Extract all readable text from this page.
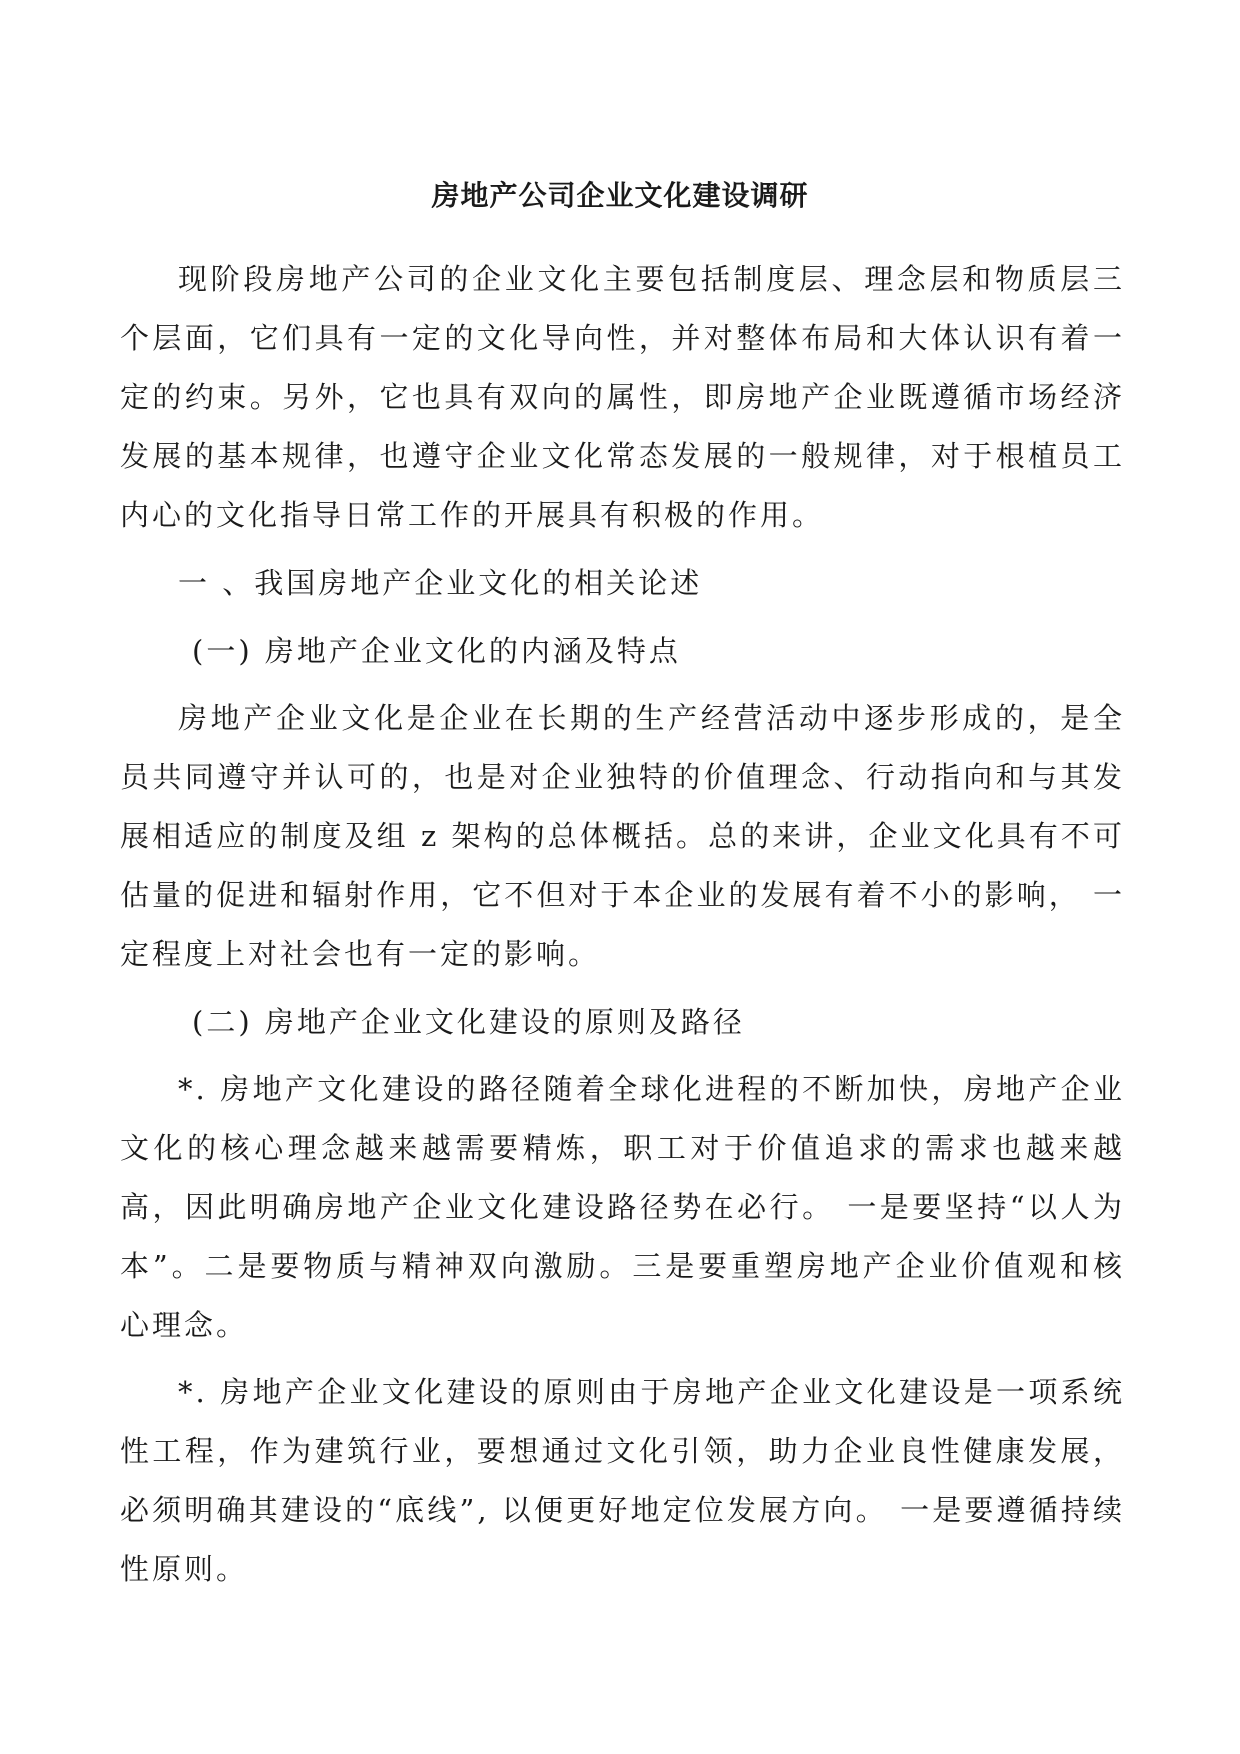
房地产公司企业文化建设调研

现阶段房地产公司的企业文化主要包括制度层、理念层和物质层三个层面，它们具有一定的文化导向性，并对整体布局和大体认识有着一定的约束。另外，它也具有双向的属性，即房地产企业既遵循市场经济发展的基本规律，也遵守企业文化常态发展的一般规律，对于根植员工内心的文化指导日常工作的开展具有积极的作用。

一 、我国房地产企业文化的相关论述
(一) 房地产企业文化的内涵及特点

房地产企业文化是企业在长期的生产经营活动中逐步形成的，是全员共同遵守并认可的，也是对企业独特的价值理念、行动指向和与其发展相适应的制度及组 z 架构的总体概括。总的来讲，企业文化具有不可估量的促进和辐射作用，它不但对于本企业的发展有着不小的影响， 一定程度上对社会也有一定的影响。

(二) 房地产企业文化建设的原则及路径

*. 房地产文化建设的路径随着全球化进程的不断加快，房地产企业文化的核心理念越来越需要精炼，职工对于价值追求的需求也越来越高，因此明确房地产企业文化建设路径势在必行。 一是要坚持“以人为本”。二是要物质与精神双向激励。三是要重塑房地产企业价值观和核心理念。

*. 房地产企业文化建设的原则由于房地产企业文化建设是一项系统性工程，作为建筑行业，要想通过文化引领，助力企业良性健康发展，必须明确其建设的“底线”, 以便更好地定位发展方向。 一是要遵循持续性原则。
